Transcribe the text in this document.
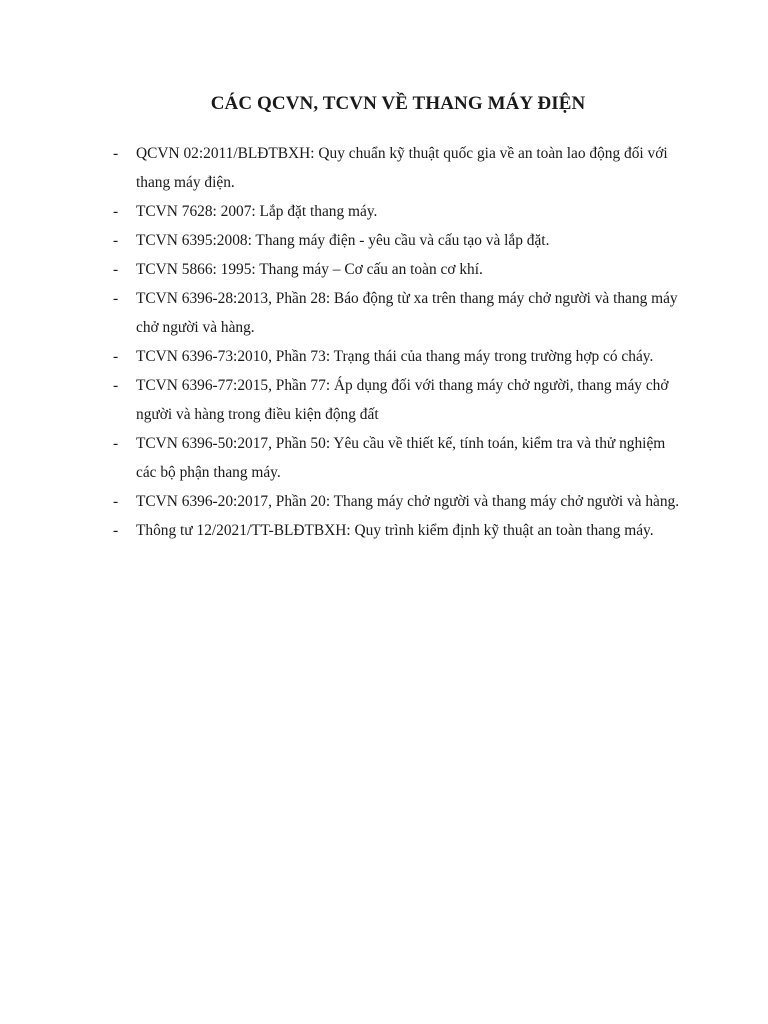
CÁC QCVN, TCVN VỀ THANG MÁY ĐIỆN
- QCVN 02:2011/BLĐTBXH: Quy chuẩn kỹ thuật quốc gia về an toàn lao động đối với thang máy điện.
- TCVN 7628: 2007: Lắp đặt thang máy.
- TCVN 6395:2008: Thang máy điện - yêu cầu và cấu tạo và lắp đặt.
- TCVN 5866: 1995: Thang máy – Cơ cấu an toàn cơ khí.
- TCVN 6396-28:2013, Phần 28: Báo động từ xa trên thang máy chở người và thang máy chở người và hàng.
- TCVN 6396-73:2010, Phần 73: Trạng thái của thang máy trong trường hợp có cháy.
- TCVN 6396-77:2015, Phần 77: Áp dụng đối với thang máy chở người, thang máy chở người và hàng trong điều kiện động đất
- TCVN 6396-50:2017, Phần 50: Yêu cầu về thiết kế, tính toán, kiểm tra và thử nghiệm các bộ phận thang máy.
- TCVN 6396-20:2017, Phần 20: Thang máy chở người và thang máy chở người và hàng.
- Thông tư 12/2021/TT-BLĐTBXH: Quy trình kiểm định kỹ thuật an toàn thang máy.
